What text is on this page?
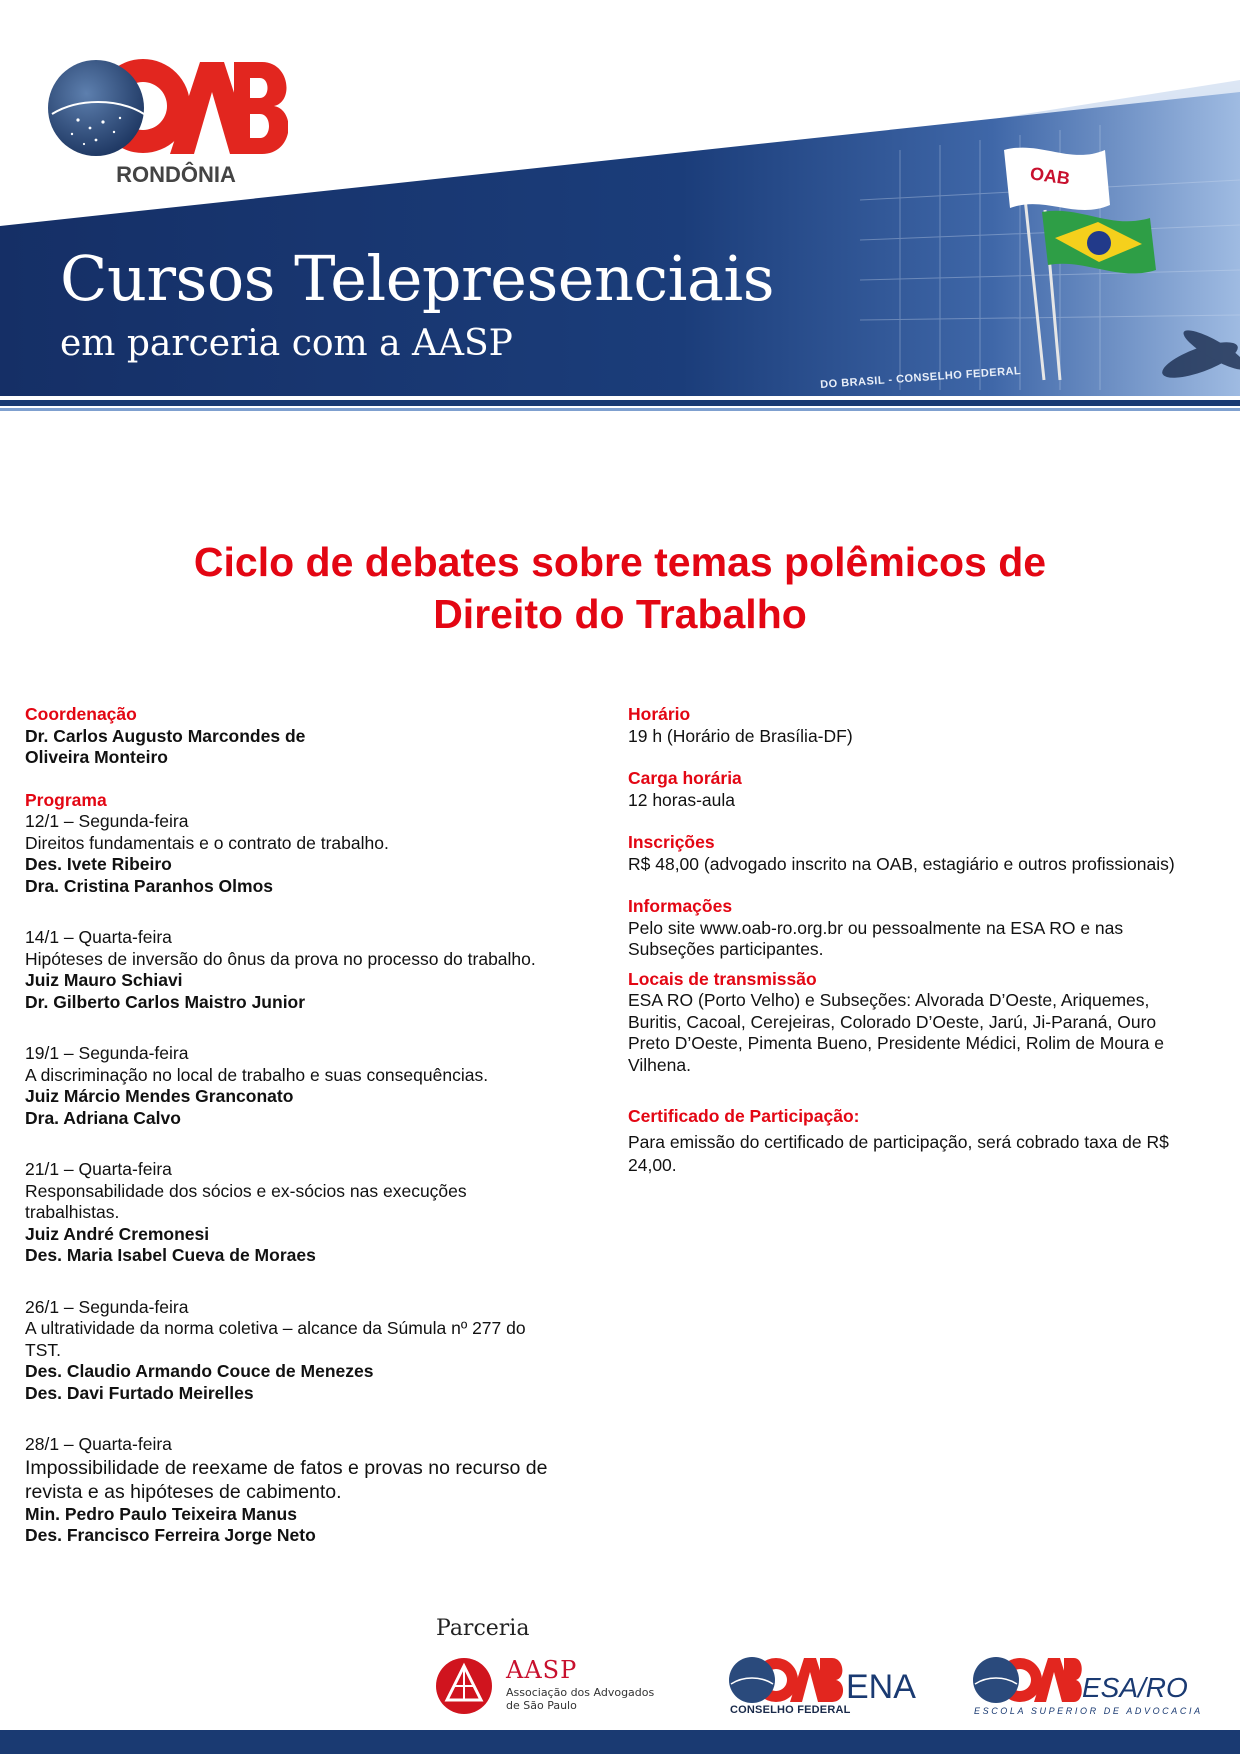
RONDÔNIA	OAB
DO BRASIL - CONSELHO FEDERAL
Cursos Telepresenciais
em parceria com a AASP
Ciclo de debates sobre temas polêmicos de
Direito do Trabalho
Coordenação
Dr. Carlos Augusto Marcondes de
Oliveira Monteiro
Programa
12/1 – Segunda-feira
Direitos fundamentais e o contrato de trabalho.
Des. Ivete Ribeiro
Dra. Cristina Paranhos Olmos
14/1 – Quarta-feira
Hipóteses de inversão do ônus da prova no processo do trabalho.
Juiz Mauro Schiavi
Dr. Gilberto Carlos Maistro Junior
19/1 – Segunda-feira
A discriminação no local de trabalho e suas consequências.
Juiz Márcio Mendes Granconato
Dra. Adriana Calvo
21/1 – Quarta-feira
Responsabilidade dos sócios e ex-sócios nas execuções
trabalhistas.
Juiz André Cremonesi
Des. Maria Isabel Cueva de Moraes
26/1 – Segunda-feira
A ultratividade da norma coletiva – alcance da Súmula nº 277 do
TST.
Des. Claudio Armando Couce de Menezes
Des. Davi Furtado Meirelles
28/1 – Quarta-feira
Impossibilidade de reexame de fatos e provas no recurso de
revista e as hipóteses de cabimento.
Min. Pedro Paulo Teixeira Manus
Des. Francisco Ferreira Jorge Neto
Horário
19 h (Horário de Brasília-DF)
Carga horária
12 horas-aula
Inscrições
R$ 48,00 (advogado inscrito na OAB, estagiário e outros profissionais)
Informações
Pelo site www.oab-ro.org.br ou pessoalmente na ESA RO e nas
Subseções participantes.
Locais de transmissão
ESA RO (Porto Velho) e Subseções: Alvorada D’Oeste, Ariquemes,
Buritis, Cacoal, Cerejeiras, Colorado D’Oeste, Jarú, Ji-Paraná, Ouro
Preto D’Oeste, Pimenta Bueno, Presidente Médici, Rolim de Moura e
Vilhena.
Certificado de Participação:
Para emissão do certificado de participação, será cobrado taxa de R$
24,00.
Parceria
AASP
Associação dos Advogados
de São Paulo	ENA
CONSELHO FEDERAL
ESA/RO
ESCOLA SUPERIOR DE ADVOCACIA
